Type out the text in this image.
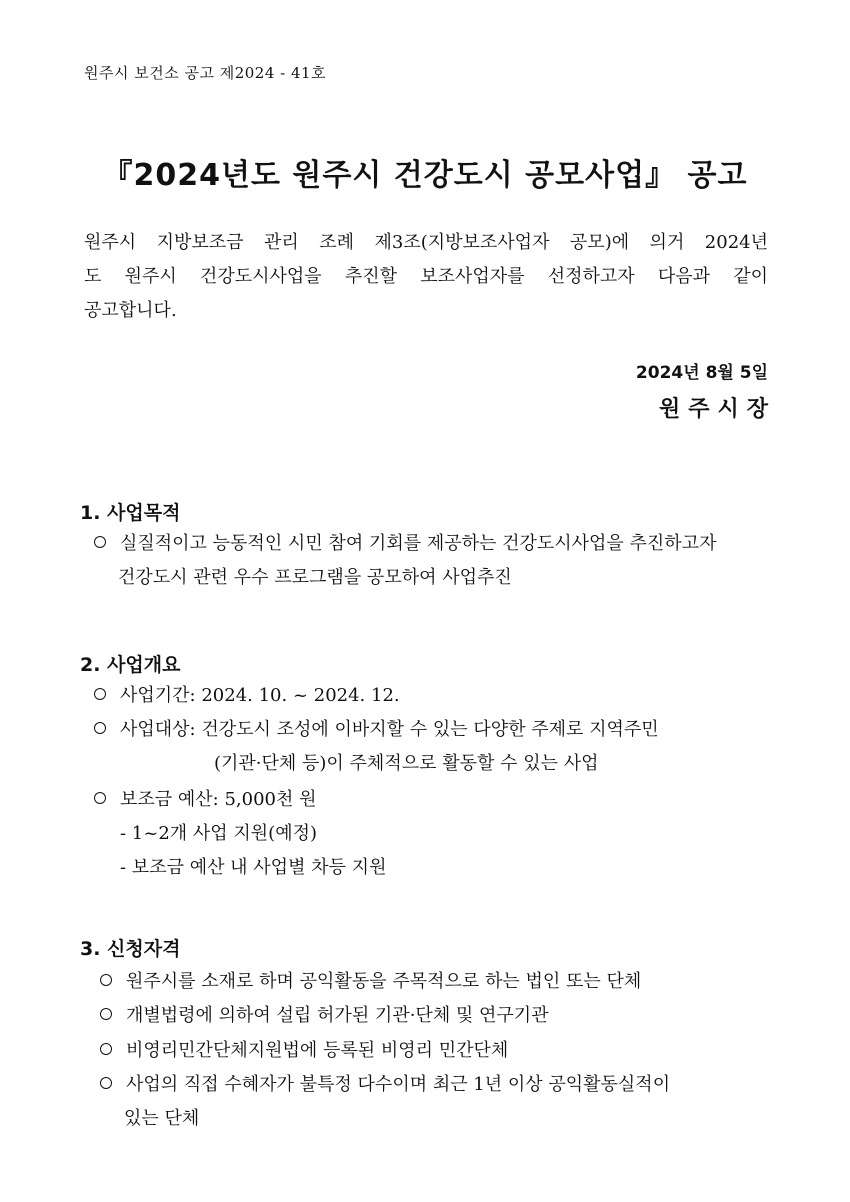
원주시 보건소 공고 제2024 - 41호
『2024년도 원주시 건강도시 공모사업』 공고
원주시 지방보조금 관리 조례 제3조(지방보조사업자 공모)에 의거 2024년
도 원주시 건강도시사업을 추진할 보조사업자를 선정하고자 다음과 같이
공고합니다.
2024년 8월 5일
원주시장
1. 사업목적
실질적이고 능동적인 시민 참여 기회를 제공하는 건강도시사업을 추진하고자
건강도시 관련 우수 프로그램을 공모하여 사업추진
2. 사업개요
사업기간: 2024. 10. ~ 2024. 12.
사업대상: 건강도시 조성에 이바지할 수 있는 다양한 주제로 지역주민
(기관·단체 등)이 주체적으로 활동할 수 있는 사업
보조금 예산: 5,000천 원
- 1~2개 사업 지원(예정)
- 보조금 예산 내 사업별 차등 지원
3. 신청자격
원주시를 소재로 하며 공익활동을 주목적으로 하는 법인 또는 단체
개별법령에 의하여 설립 허가된 기관·단체 및 연구기관
비영리민간단체지원법에 등록된 비영리 민간단체
사업의 직접 수혜자가 불특정 다수이며 최근 1년 이상 공익활동실적이
있는 단체
